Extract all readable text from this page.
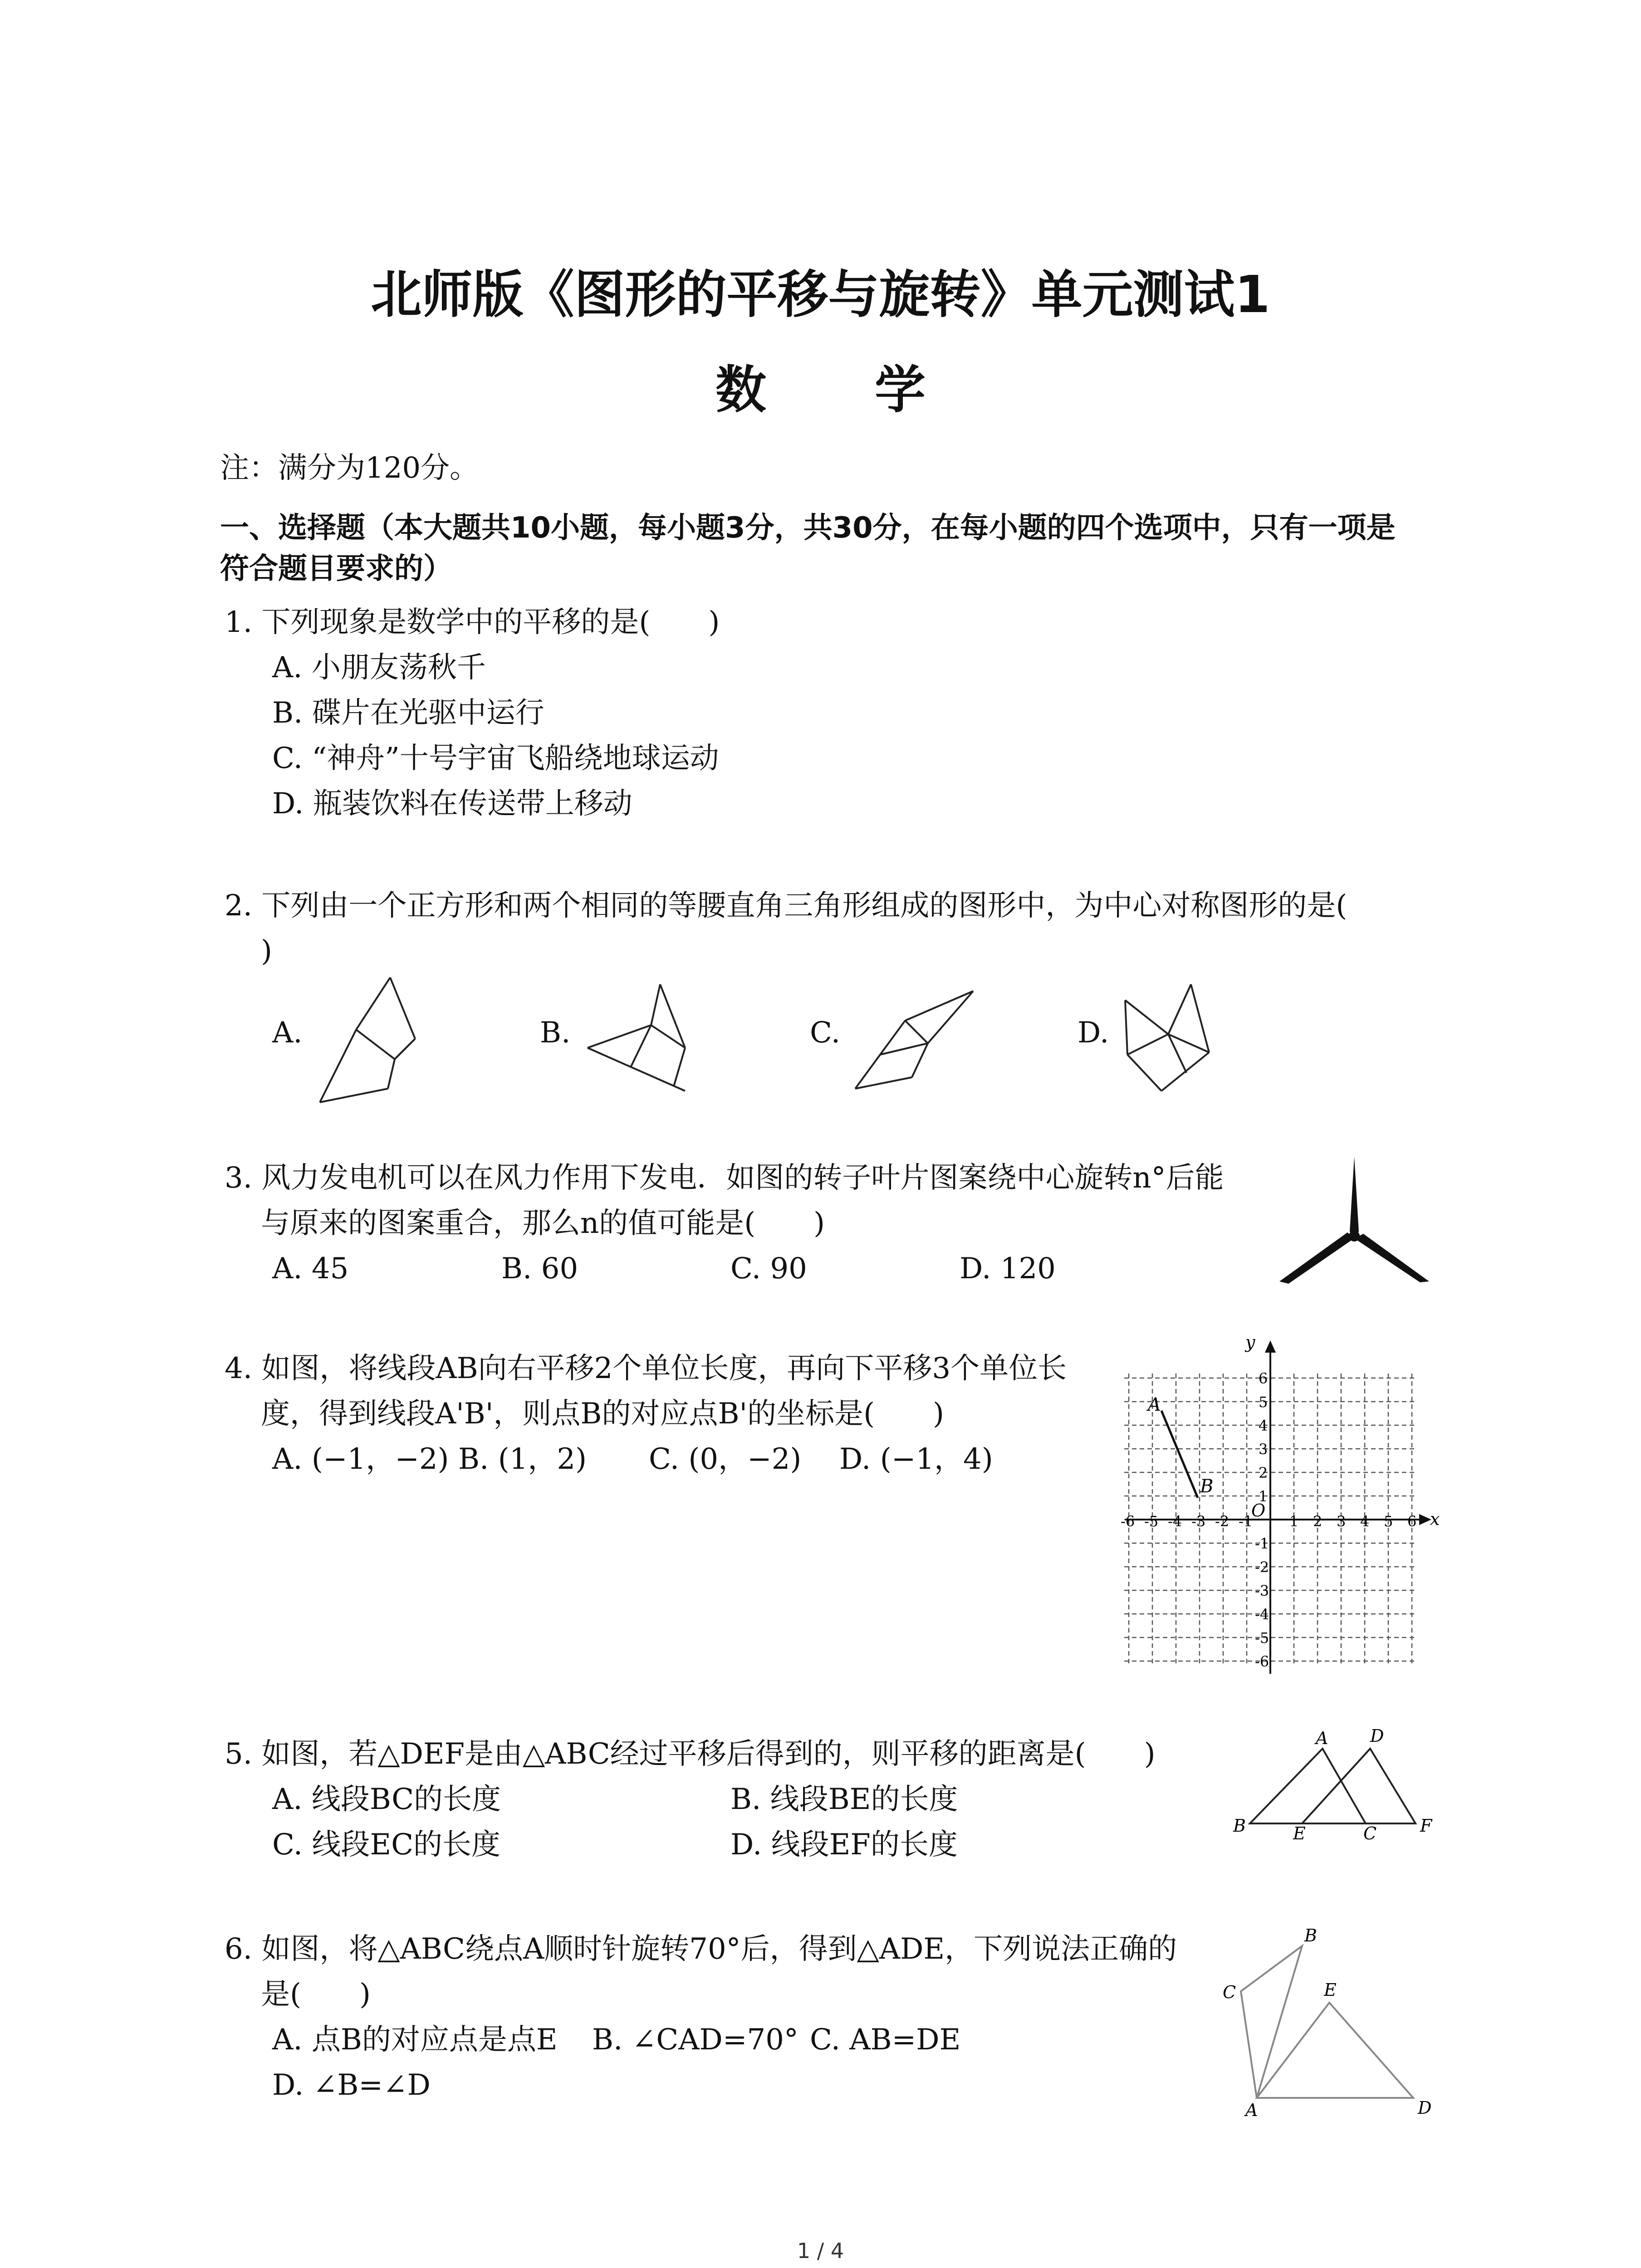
北师版《图形的平移与旋转》单元测试1
数 学
注：满分为120分。
一、选择题（本大题共10小题，每小题3分，共30分，在每小题的四个选项中，只有一项是
符合题目要求的）
1. 下列现象是数学中的平移的是(　　)
A. 小朋友荡秋千
B. 碟片在光驱中运行
C. “神舟”十号宇宙飞船绕地球运动
D. 瓶装饮料在传送带上移动
2. 下列由一个正方形和两个相同的等腰直角三角形组成的图形中，为中心对称图形的是(
)
A.	B.	C.	D.
3. 风力发电机可以在风力作用下发电．如图的转子叶片图案绕中心旋转n°后能
与原来的图案重合，那么n的值可能是(　　)
A. 45	B. 60	C. 90	D. 120
4. 如图，将线段AB向右平移2个单位长度，再向下平移3个单位长
度，得到线段A'B'，则点B的对应点B'的坐标是(　　)
A. (−1，−2) B. (1，2) C. (0，−2) D. (−1，4)
-6 -5 -4 -3 -2 -1	1 2 3 4 5 6
6
5
4
3
2
1
-1
-2
-3
-4
-5
-6
x
y
O
A
B
5. 如图，若△DEF是由△ABC经过平移后得到的，则平移的距离是(　　)
A. 线段BC的长度	B. 线段BE的长度
C. 线段EC的长度	D. 线段EF的长度
A
B	C
D
E	F
6. 如图，将△ABC绕点A顺时针旋转70°后，得到△ADE，下列说法正确的
是(　　)
A. 点B的对应点是点E B. ∠CAD=70° C. AB=DE
D. ∠B=∠D
B
C	E
A	D
1 / 4
